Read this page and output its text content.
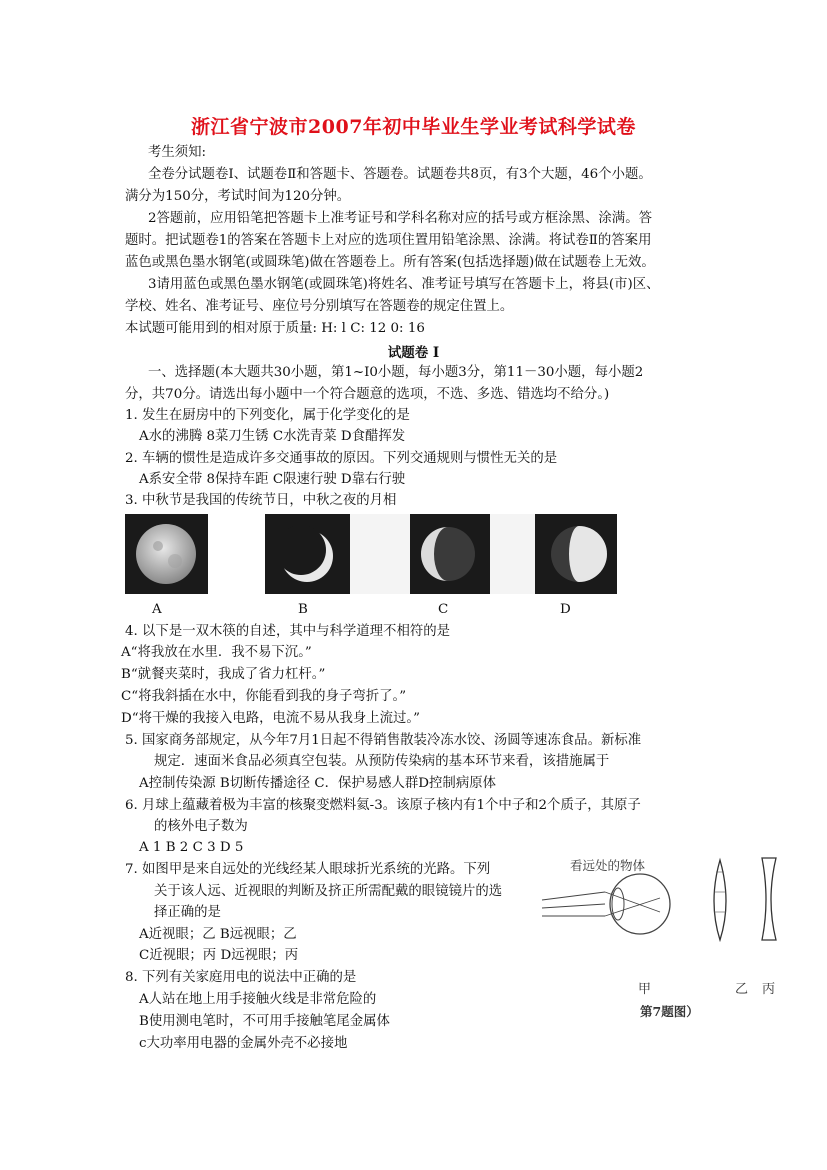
浙江省宁波市2007年初中毕业生学业考试科学试卷
考生须知:
全卷分试题卷Ⅰ、试题卷Ⅱ和答题卡、答题卷。试题卷共8页，有3个大题，46个小题。
满分为150分，考试时间为120分钟。
2答题前，应用铅笔把答题卡上准考证号和学科名称对应的括号或方框涂黑、涂满。答
题时。把试题卷1的答案在答题卡上对应的选项住置用铅笔涂黑、涂满。将试卷Ⅱ的答案用
蓝色或黑色墨水钢笔(或圆珠笔)做在答题卷上。所有答案(包括选择题)做在试题卷上无效。
3请用蓝色或黑色墨水钢笔(或圆珠笔)将姓名、准考证号填写在答题卡上，将县(市)区、
学校、姓名、准考证号、座位号分别填写在答题卷的规定住置上。
本试题可能用到的相对原于质量: H: l C: 12 0: 16
试题卷 I
一、选择题(本大题共30小题，第1~I0小题，每小题3分，第11－30小题，每小题2
分，共70分。请选出每小题中一个符合题意的选项，不选、多选、错选均不给分。)
1. 发生在厨房中的下列变化，属于化学变化的是
A水的沸腾 8菜刀生锈 C水洗青菜 D食醋挥发
2. 车辆的惯性是造成许多交通事故的原因。下列交通规则与惯性无关的是
A系安全带 8保持车距 C限速行驶 D靠右行驶
3. 中秋节是我国的传统节日，中秋之夜的月相
A	B	C	D
4. 以下是一双木筷的自述，其中与科学道理不相符的是
A“将我放在水里．我不易下沉。”
B“就餐夹菜时，我成了省力杠杆。”
C“将我斜插在水中，你能看到我的身子弯折了。”
D“将干燥的我接入电路，电流不易从我身上流过。”
5. 国家商务部规定，从今年7月1日起不得销售散装冷冻水饺、汤圆等速冻食品。新标准
规定．速面米食品必须真空包装。从预防传染病的基本环节来看，该措施属于
A控制传染源 B切断传播途径 C．保护易感人群D控制病原体
6. 月球上蕴藏着极为丰富的核聚变燃料氦-3。该原子核内有1个中子和2个质子，其原子
的核外电子数为
A 1 B 2 C 3 D 5
7. 如图甲是来自远处的光线经某人眼球折光系统的光路。下列
关于该人远、近视眼的判断及挤正所需配戴的眼镜镜片的选
择正确的是
A近视眼；乙 B远视眼；乙
C近视眼；丙 D远视眼；丙
看远处的物体
甲	乙 丙
第7题图）
8. 下列有关家庭用电的说法中正确的是
A人站在地上用手接触火线是非常危险的
B使用测电笔时，不可用手接触笔尾金属体
c大功率用电器的金属外壳不必接地
